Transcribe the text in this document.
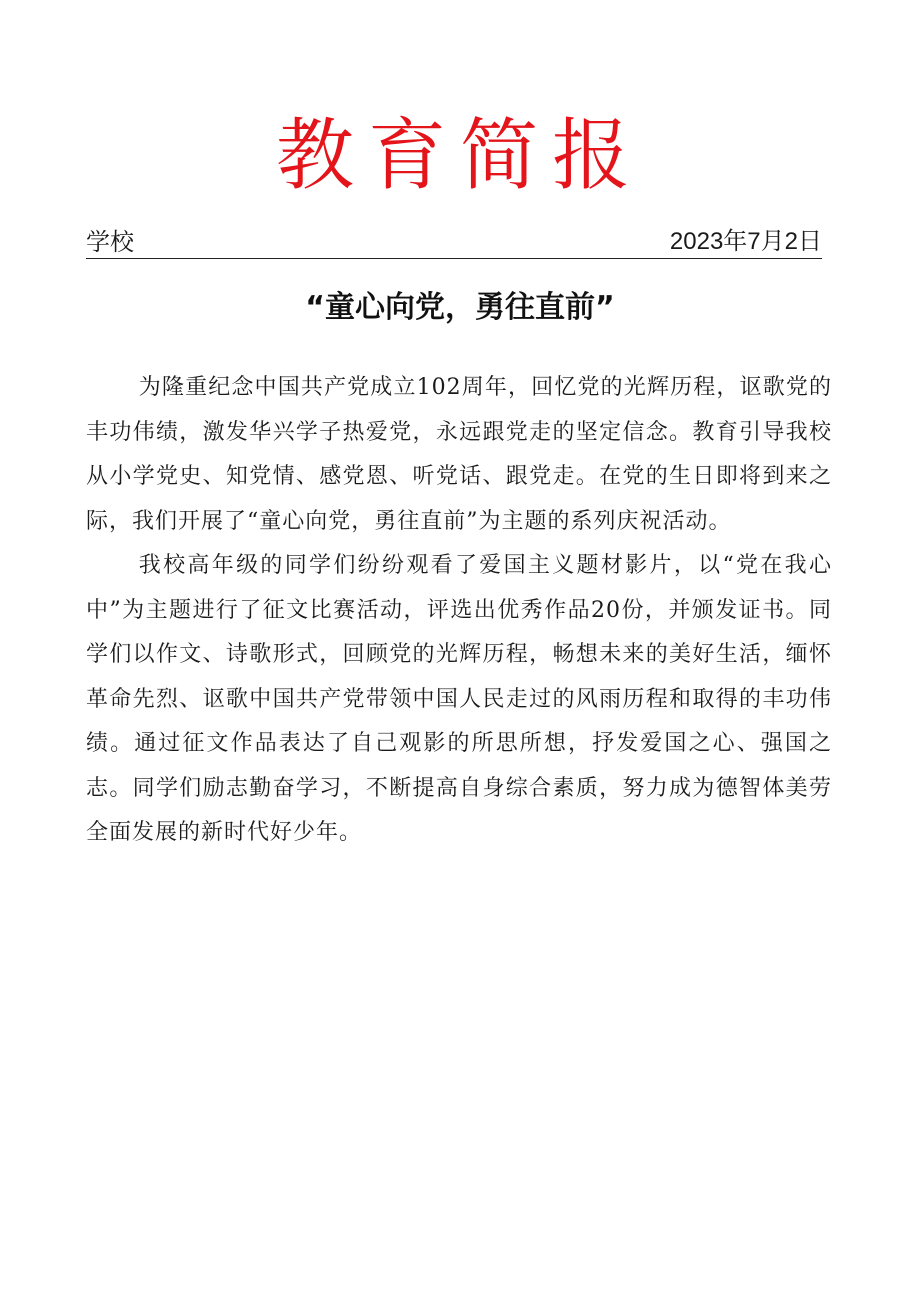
教育简报
学校	2023年7月2日
“童心向党，勇往直前”

为隆重纪念中国共产党成立102周年，回忆党的光辉历程，讴歌党的丰功伟绩，激发华兴学子热爱党，永远跟党走的坚定信念。教育引导我校从小学党史、知党情、感党恩、听党话、跟党走。在党的生日即将到来之际，我们开展了“童心向党，勇往直前”为主题的系列庆祝活动。

我校高年级的同学们纷纷观看了爱国主义题材影片，以“党在我心中”为主题进行了征文比赛活动，评选出优秀作品20份，并颁发证书。同学们以作文、诗歌形式，回顾党的光辉历程，畅想未来的美好生活，缅怀革命先烈、讴歌中国共产党带领中国人民走过的风雨历程和取得的丰功伟绩。通过征文作品表达了自己观影的所思所想，抒发爱国之心、强国之志。同学们励志勤奋学习，不断提高自身综合素质，努力成为德智体美劳全面发展的新时代好少年。
